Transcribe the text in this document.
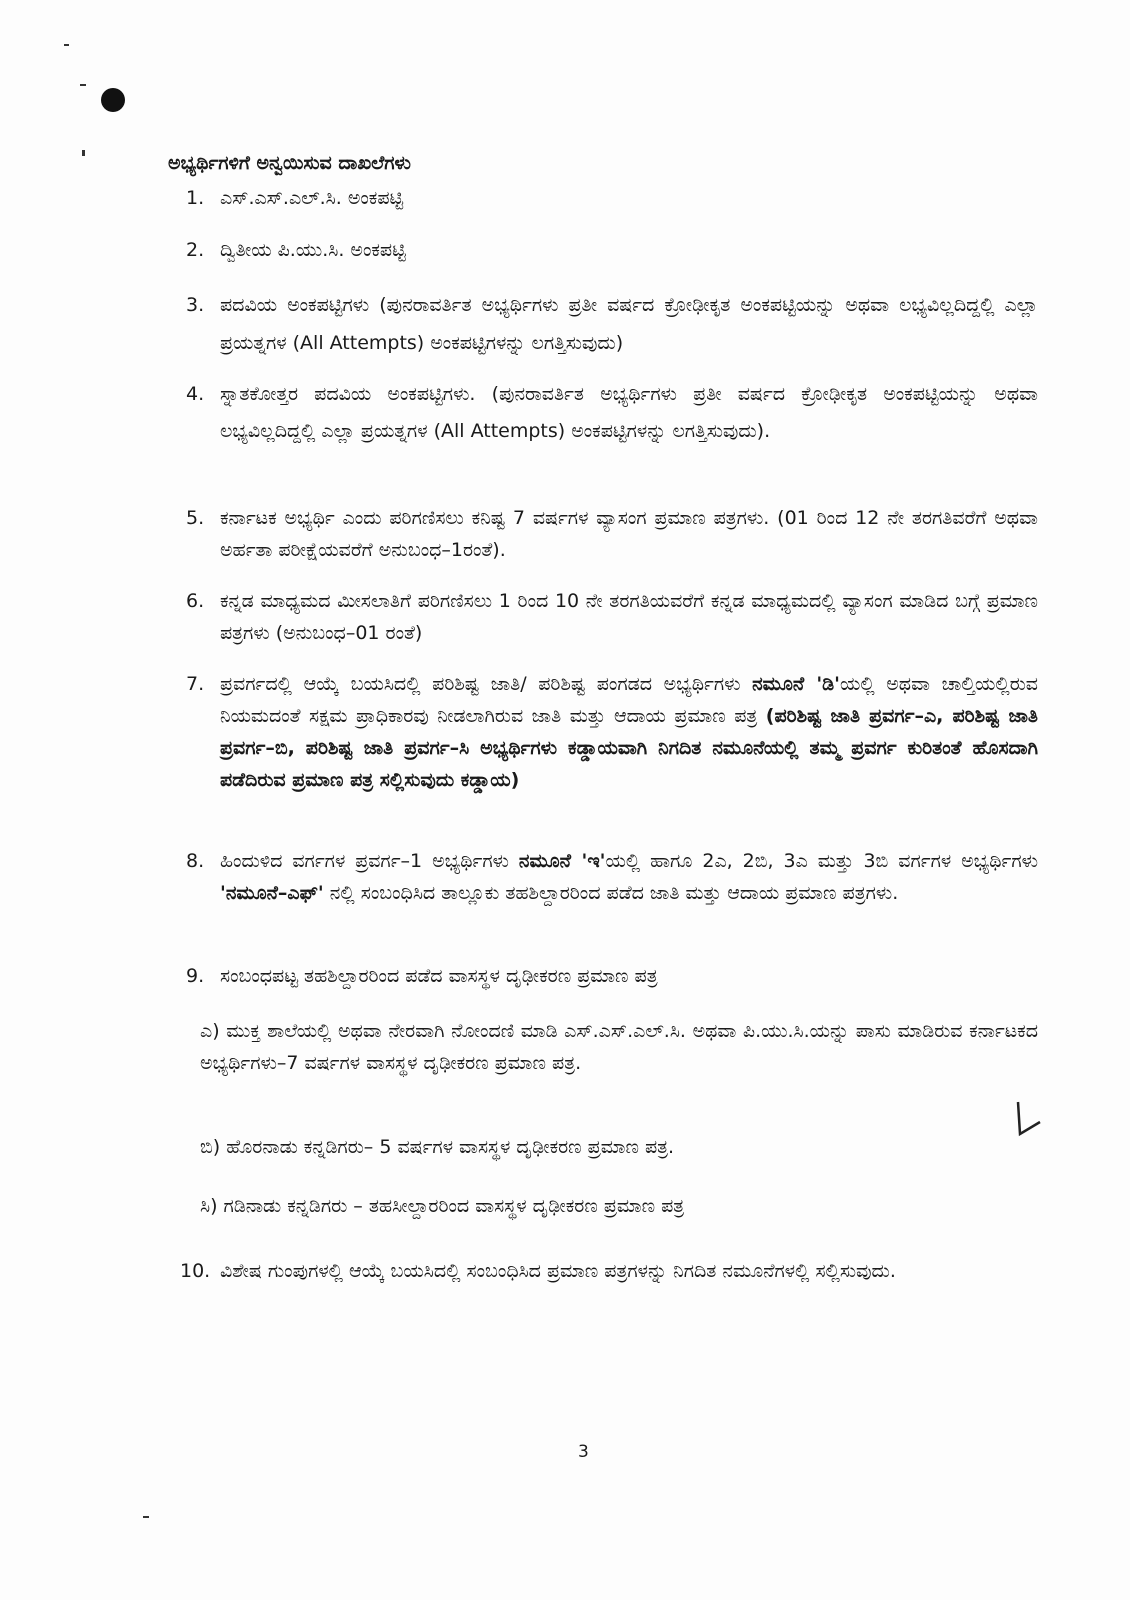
ಅಭ್ಯರ್ಥಿಗಳಿಗೆ ಅನ್ವಯಿಸುವ ದಾಖಲೆಗಳು
1. ಎಸ್.ಎಸ್.ಎಲ್.ಸಿ. ಅಂಕಪಟ್ಟಿ
2. ದ್ವಿತೀಯ ಪಿ.ಯು.ಸಿ. ಅಂಕಪಟ್ಟಿ
3. ಪದವಿಯ ಅಂಕಪಟ್ಟಿಗಳು (ಪುನರಾವರ್ತಿತ ಅಭ್ಯರ್ಥಿಗಳು ಪ್ರತೀ ವರ್ಷದ ಕ್ರೋಢೀಕೃತ ಅಂಕಪಟ್ಟಿಯನ್ನು ಅಥವಾ ಲಭ್ಯವಿಲ್ಲದಿದ್ದಲ್ಲಿ ಎಲ್ಲಾ ಪ್ರಯತ್ನಗಳ (All Attempts) ಅಂಕಪಟ್ಟಿಗಳನ್ನು ಲಗತ್ತಿಸುವುದು)
4. ಸ್ನಾತಕೋತ್ತರ ಪದವಿಯ ಅಂಕಪಟ್ಟಿಗಳು. (ಪುನರಾವರ್ತಿತ ಅಭ್ಯರ್ಥಿಗಳು ಪ್ರತೀ ವರ್ಷದ ಕ್ರೋಢೀಕೃತ ಅಂಕಪಟ್ಟಿಯನ್ನು ಅಥವಾ ಲಭ್ಯವಿಲ್ಲದಿದ್ದಲ್ಲಿ ಎಲ್ಲಾ ಪ್ರಯತ್ನಗಳ (All Attempts) ಅಂಕಪಟ್ಟಿಗಳನ್ನು ಲಗತ್ತಿಸುವುದು).
5. ಕರ್ನಾಟಕ ಅಭ್ಯರ್ಥಿ ಎಂದು ಪರಿಗಣಿಸಲು ಕನಿಷ್ಟ 7 ವರ್ಷಗಳ ವ್ಯಾಸಂಗ ಪ್ರಮಾಣ ಪತ್ರಗಳು. (01 ರಿಂದ 12 ನೇ ತರಗತಿವರೆಗೆ ಅಥವಾ ಅರ್ಹತಾ ಪರೀಕ್ಷೆಯವರೆಗೆ ಅನುಬಂಧ–1ರಂತೆ).
6. ಕನ್ನಡ ಮಾಧ್ಯಮದ ಮೀಸಲಾತಿಗೆ ಪರಿಗಣಿಸಲು 1 ರಿಂದ 10 ನೇ ತರಗತಿಯವರೆಗೆ ಕನ್ನಡ ಮಾಧ್ಯಮದಲ್ಲಿ ವ್ಯಾಸಂಗ ಮಾಡಿದ ಬಗ್ಗೆ ಪ್ರಮಾಣ ಪತ್ರಗಳು (ಅನುಬಂಧ–01 ರಂತೆ)
7. ಪ್ರವರ್ಗದಲ್ಲಿ ಆಯ್ಕೆ ಬಯಸಿದಲ್ಲಿ ಪರಿಶಿಷ್ಟ ಜಾತಿ/ ಪರಿಶಿಷ್ಟ ಪಂಗಡದ ಅಭ್ಯರ್ಥಿಗಳು ನಮೂನೆ 'ಡಿ'ಯಲ್ಲಿ ಅಥವಾ ಚಾಲ್ತಿಯಲ್ಲಿರುವ ನಿಯಮದಂತೆ ಸಕ್ಷಮ ಪ್ರಾಧಿಕಾರವು ನೀಡಲಾಗಿರುವ ಜಾತಿ ಮತ್ತು ಆದಾಯ ಪ್ರಮಾಣ ಪತ್ರ (ಪರಿಶಿಷ್ಟ ಜಾತಿ ಪ್ರವರ್ಗ–ಎ, ಪರಿಶಿಷ್ಟ ಜಾತಿ ಪ್ರವರ್ಗ–ಬಿ, ಪರಿಶಿಷ್ಟ ಜಾತಿ ಪ್ರವರ್ಗ–ಸಿ ಅಭ್ಯರ್ಥಿಗಳು ಕಡ್ಡಾಯವಾಗಿ ನಿಗದಿತ ನಮೂನೆಯಲ್ಲಿ ತಮ್ಮ ಪ್ರವರ್ಗ ಕುರಿತಂತೆ ಹೊಸದಾಗಿ ಪಡೆದಿರುವ ಪ್ರಮಾಣ ಪತ್ರ ಸಲ್ಲಿಸುವುದು ಕಡ್ಡಾಯ)
8. ಹಿಂದುಳಿದ ವರ್ಗಗಳ ಪ್ರವರ್ಗ–1 ಅಭ್ಯರ್ಥಿಗಳು ನಮೂನೆ 'ಇ'ಯಲ್ಲಿ ಹಾಗೂ 2ಎ, 2ಬಿ, 3ಎ ಮತ್ತು 3ಬಿ ವರ್ಗಗಳ ಅಭ್ಯರ್ಥಿಗಳು 'ನಮೂನೆ–ಎಫ್' ನಲ್ಲಿ ಸಂಬಂಧಿಸಿದ ತಾಲ್ಲೂಕು ತಹಶಿಲ್ದಾರರಿಂದ ಪಡೆದ ಜಾತಿ ಮತ್ತು ಆದಾಯ ಪ್ರಮಾಣ ಪತ್ರಗಳು.
9. ಸಂಬಂಧಪಟ್ಟ ತಹಶಿಲ್ದಾರರಿಂದ ಪಡೆದ ವಾಸಸ್ಥಳ ದೃಢೀಕರಣ ಪ್ರಮಾಣ ಪತ್ರ
ಎ) ಮುಕ್ತ ಶಾಲೆಯಲ್ಲಿ ಅಥವಾ ನೇರವಾಗಿ ನೋಂದಣಿ ಮಾಡಿ ಎಸ್.ಎಸ್.ಎಲ್.ಸಿ. ಅಥವಾ ಪಿ.ಯು.ಸಿ.ಯನ್ನು ಪಾಸು ಮಾಡಿರುವ ಕರ್ನಾಟಕದ ಅಭ್ಯರ್ಥಿಗಳು–7 ವರ್ಷಗಳ ವಾಸಸ್ಥಳ ದೃಢೀಕರಣ ಪ್ರಮಾಣ ಪತ್ರ.
ಬಿ) ಹೊರನಾಡು ಕನ್ನಡಿಗರು– 5 ವರ್ಷಗಳ ವಾಸಸ್ಥಳ ದೃಢೀಕರಣ ಪ್ರಮಾಣ ಪತ್ರ.
ಸಿ) ಗಡಿನಾಡು ಕನ್ನಡಿಗರು – ತಹಸೀಲ್ದಾರರಿಂದ ವಾಸಸ್ಥಳ ದೃಢೀಕರಣ ಪ್ರಮಾಣ ಪತ್ರ
10. ವಿಶೇಷ ಗುಂಪುಗಳಲ್ಲಿ ಆಯ್ಕೆ ಬಯಸಿದಲ್ಲಿ ಸಂಬಂಧಿಸಿದ ಪ್ರಮಾಣ ಪತ್ರಗಳನ್ನು ನಿಗದಿತ ನಮೂನೆಗಳಲ್ಲಿ ಸಲ್ಲಿಸುವುದು.
3
